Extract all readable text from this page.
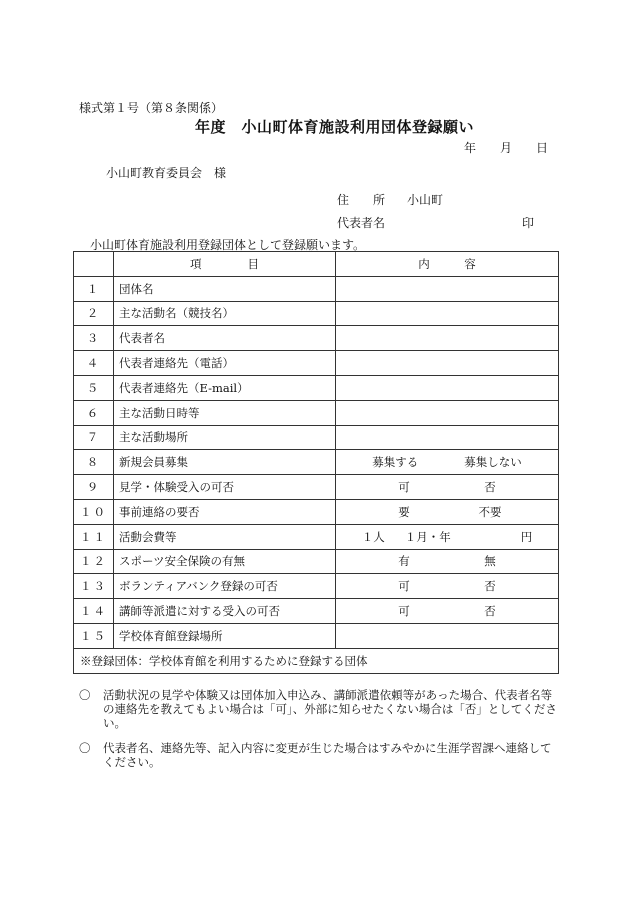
様式第１号（第８条関係）
年度　小山町体育施設利用団体登録願い
年 月 日
小山町教育委員会　様
住　　所 小山町
代表者名	印
小山町体育施設利用登録団体として登録願います。
	項　　　　目	内　　　容
１	団体名	
２	主な活動名（競技名）	
３	代表者名	
４	代表者連絡先（電話）	
５	代表者連絡先（E-mail）	
６	主な活動日時等	
７	主な活動場所	
８	新規会員募集	募集する 募集しない
９	見学・体験受入の可否	可 否
１０	事前連絡の要否	要 不要
１１	活動会費等	１人 １月・年 円
１２	スポーツ安全保険の有無	有 無
１３	ボランティアバンク登録の可否	可 否
１４	講師等派遣に対する受入の可否	可 否
１５	学校体育館登録場所	
※登録団体：学校体育館を利用するために登録する団体		
〇 活動状況の見学や体験又は団体加入申込み、講師派遣依頼等があった場合、代表者名等の連絡先を教えてもよい場合は「可」、外部に知らせたくない場合は「否」としてください。
〇 代表者名、連絡先等、記入内容に変更が生じた場合はすみやかに生涯学習課へ連絡してください。
